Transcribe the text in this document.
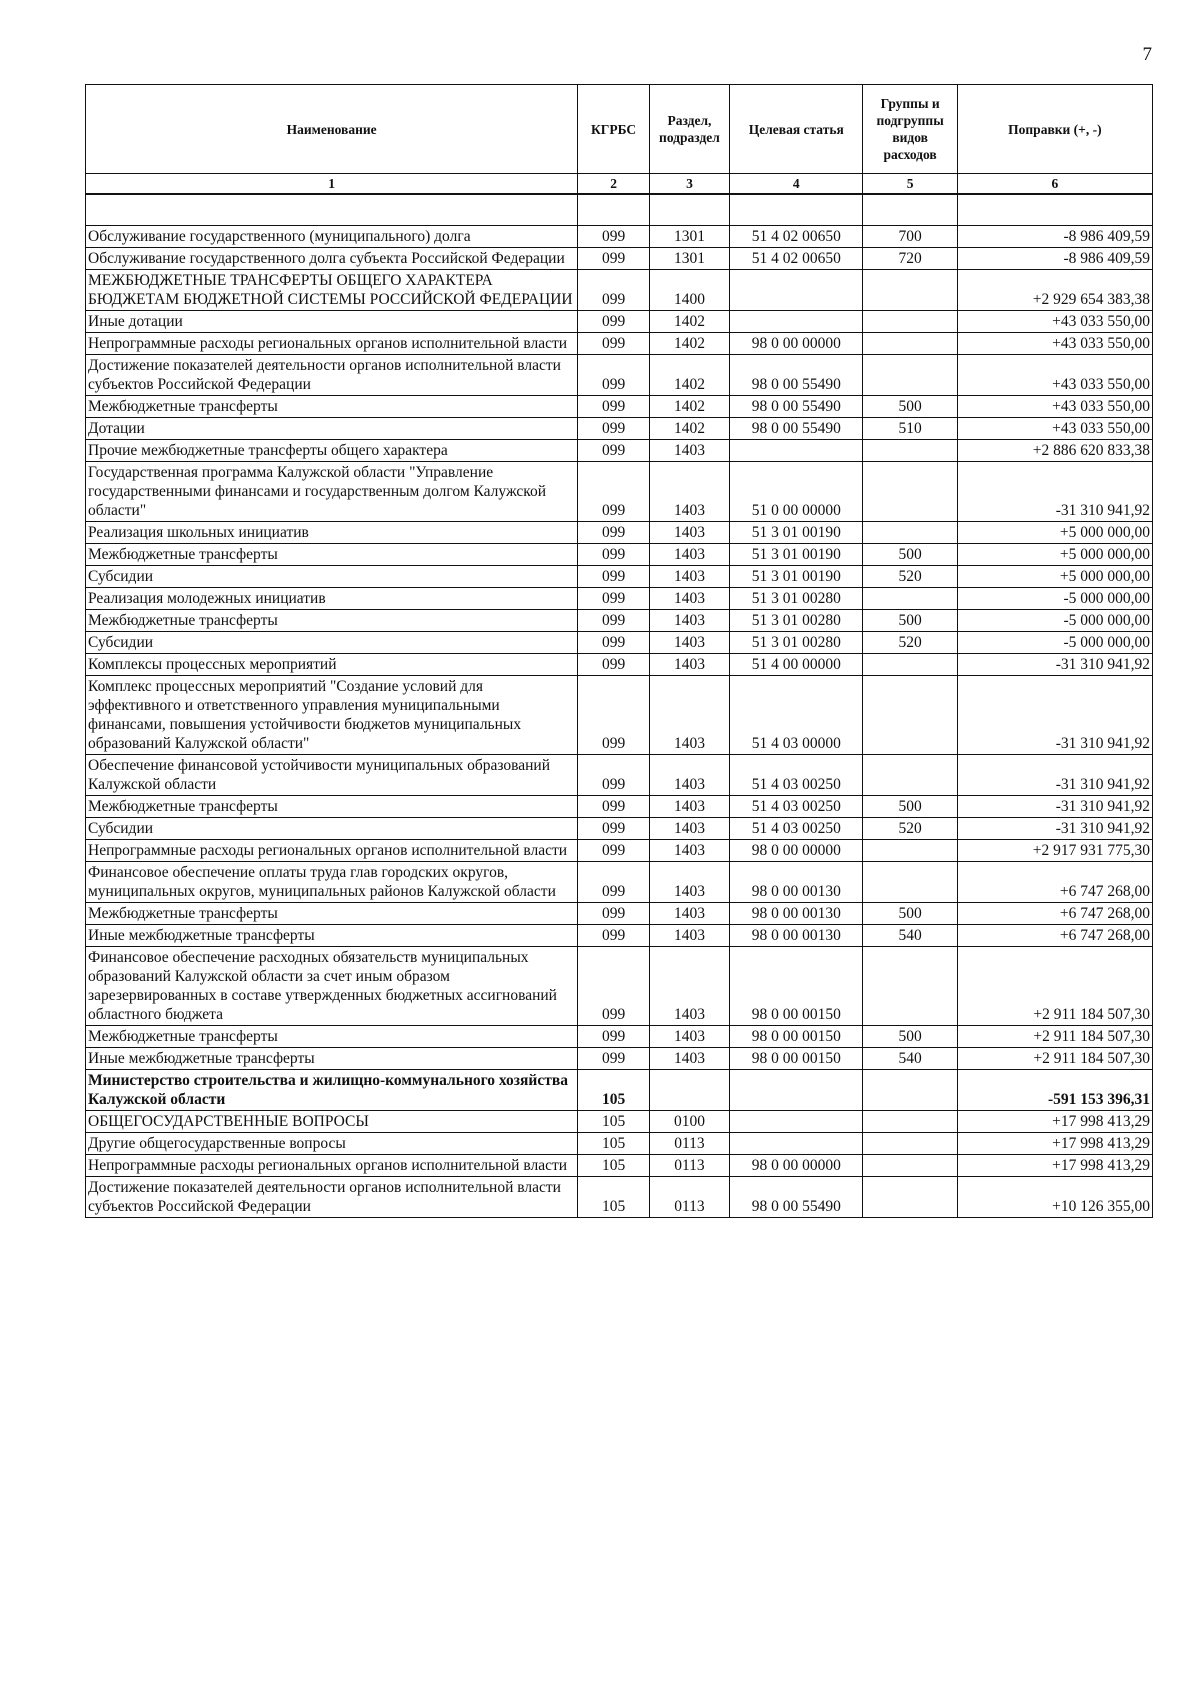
7
Наименование	КГРБС	Раздел, подраздел	Целевая статья	Группы и подгруппы видов расходов	Поправки (+, -)
1	2	3	4	5	6

Обслуживание государственного (муниципального) долга	099	1301	51 4 02 00650	700	-8 986 409,59
Обслуживание государственного долга субъекта Российской Федерации	099	1301	51 4 02 00650	720	-8 986 409,59
МЕЖБЮДЖЕТНЫЕ ТРАНСФЕРТЫ ОБЩЕГО ХАРАКТЕРА БЮДЖЕТАМ БЮДЖЕТНОЙ СИСТЕМЫ РОССИЙСКОЙ ФЕДЕРАЦИИ	099	1400			+2 929 654 383,38
Иные дотации	099	1402			+43 033 550,00
Непрограммные расходы региональных органов исполнительной власти	099	1402	98 0 00 00000		+43 033 550,00
Достижение показателей деятельности органов исполнительной власти субъектов Российской Федерации	099	1402	98 0 00 55490		+43 033 550,00
Межбюджетные трансферты	099	1402	98 0 00 55490	500	+43 033 550,00
Дотации	099	1402	98 0 00 55490	510	+43 033 550,00
Прочие межбюджетные трансферты общего характера	099	1403			+2 886 620 833,38
Государственная программа Калужской области "Управление государственными финансами и государственным долгом Калужской области"	099	1403	51 0 00 00000		-31 310 941,92
Реализация школьных инициатив	099	1403	51 3 01 00190		+5 000 000,00
Межбюджетные трансферты	099	1403	51 3 01 00190	500	+5 000 000,00
Субсидии	099	1403	51 3 01 00190	520	+5 000 000,00
Реализация молодежных инициатив	099	1403	51 3 01 00280		-5 000 000,00
Межбюджетные трансферты	099	1403	51 3 01 00280	500	-5 000 000,00
Субсидии	099	1403	51 3 01 00280	520	-5 000 000,00
Комплексы процессных мероприятий	099	1403	51 4 00 00000		-31 310 941,92
Комплекс процессных мероприятий "Создание условий для эффективного и ответственного управления муниципальными финансами, повышения устойчивости бюджетов муниципальных образований Калужской области"	099	1403	51 4 03 00000		-31 310 941,92
Обеспечение финансовой устойчивости муниципальных образований Калужской области	099	1403	51 4 03 00250		-31 310 941,92
Межбюджетные трансферты	099	1403	51 4 03 00250	500	-31 310 941,92
Субсидии	099	1403	51 4 03 00250	520	-31 310 941,92
Непрограммные расходы региональных органов исполнительной власти	099	1403	98 0 00 00000		+2 917 931 775,30
Финансовое обеспечение оплаты труда глав городских округов, муниципальных округов, муниципальных районов Калужской области	099	1403	98 0 00 00130		+6 747 268,00
Межбюджетные трансферты	099	1403	98 0 00 00130	500	+6 747 268,00
Иные межбюджетные трансферты	099	1403	98 0 00 00130	540	+6 747 268,00
Финансовое обеспечение расходных обязательств муниципальных образований Калужской области за счет иным образом зарезервированных в составе утвержденных бюджетных ассигнований областного бюджета	099	1403	98 0 00 00150		+2 911 184 507,30
Межбюджетные трансферты	099	1403	98 0 00 00150	500	+2 911 184 507,30
Иные межбюджетные трансферты	099	1403	98 0 00 00150	540	+2 911 184 507,30
Министерство строительства и жилищно-коммунального хозяйства Калужской области	105				-591 153 396,31
ОБЩЕГОСУДАРСТВЕННЫЕ ВОПРОСЫ	105	0100			+17 998 413,29
Другие общегосударственные вопросы	105	0113			+17 998 413,29
Непрограммные расходы региональных органов исполнительной власти	105	0113	98 0 00 00000		+17 998 413,29
Достижение показателей деятельности органов исполнительной власти субъектов Российской Федерации	105	0113	98 0 00 55490		+10 126 355,00
